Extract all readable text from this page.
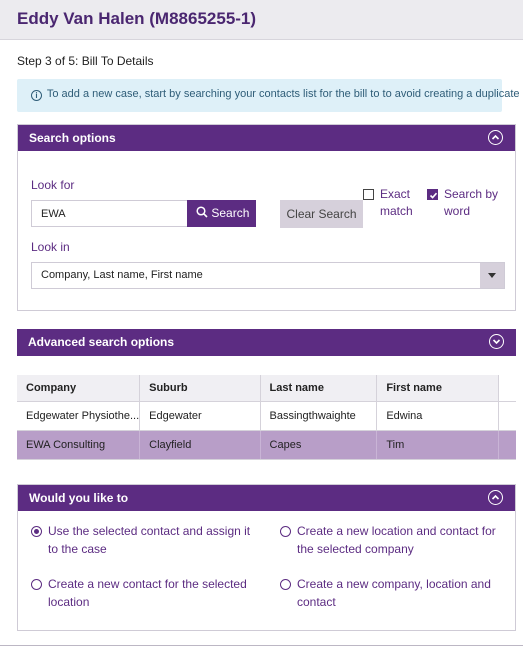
Eddy Van Halen (M8865255-1)
Step 3 of 5: Bill To Details
i To add a new case, start by searching your contacts list for the bill to to avoid creating a duplicate
Search options
Look for
EWA
Search	Clear Search
Exact match
Search by word
Look in
Company, Last name, First name
Advanced search options
Company	Suburb	Last name	First name	
Edgewater Physiothe...	Edgewater	Bassingthwaighte	Edwina	
EWA Consulting	Clayfield	Capes	Tim	
Would you like to
Use the selected contact and assign it to the case
Create a new location and contact for the selected company
Create a new contact for the selected location
Create a new company, location and contact
